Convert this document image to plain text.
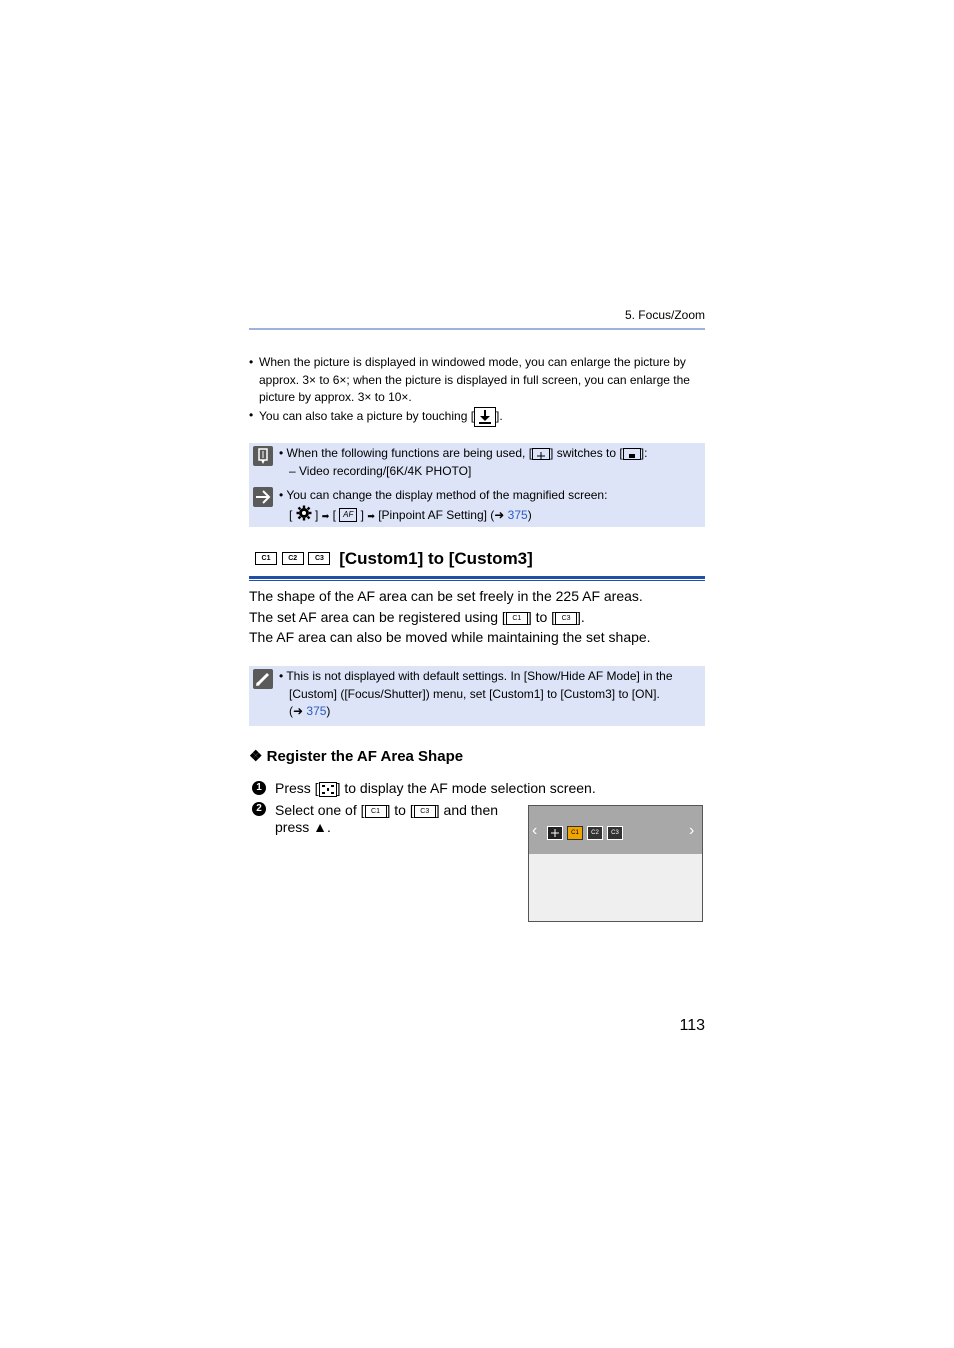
5. Focus/Zoom
• When the picture is displayed in windowed mode, you can enlarge the picture by
approx. 3× to 6×; when the picture is displayed in full screen, you can enlarge the
picture by approx. 3× to 10×.
• You can also take a picture by touching [ ].
• When the following functions are being used, [ ] switches to [ ]:
– Video recording/[6K/4K PHOTO]
• You can change the display method of the magnified screen:
[ ] ➡ [ AF ] ➡ [Pinpoint AF Setting] (➜ 375)
C1	C2	C3 [Custom1] to [Custom3]
The shape of the AF area can be set freely in the 225 AF areas.
The set AF area can be registered using [ C1 ] to [ C3 ].
The AF area can also be moved while maintaining the set shape.
• This is not displayed with default settings. In [Show/Hide AF Mode] in the
[Custom] ([Focus/Shutter]) menu, set [Custom1] to [Custom3] to [ON].
(➜ 375)
❖ Register the AF Area Shape
1 Press [ ] to display the AF mode selection screen.
2 Select one of [ C1 ] to [ C3 ] and then
press ▲.	‹	C1	C2	C3	›
113
